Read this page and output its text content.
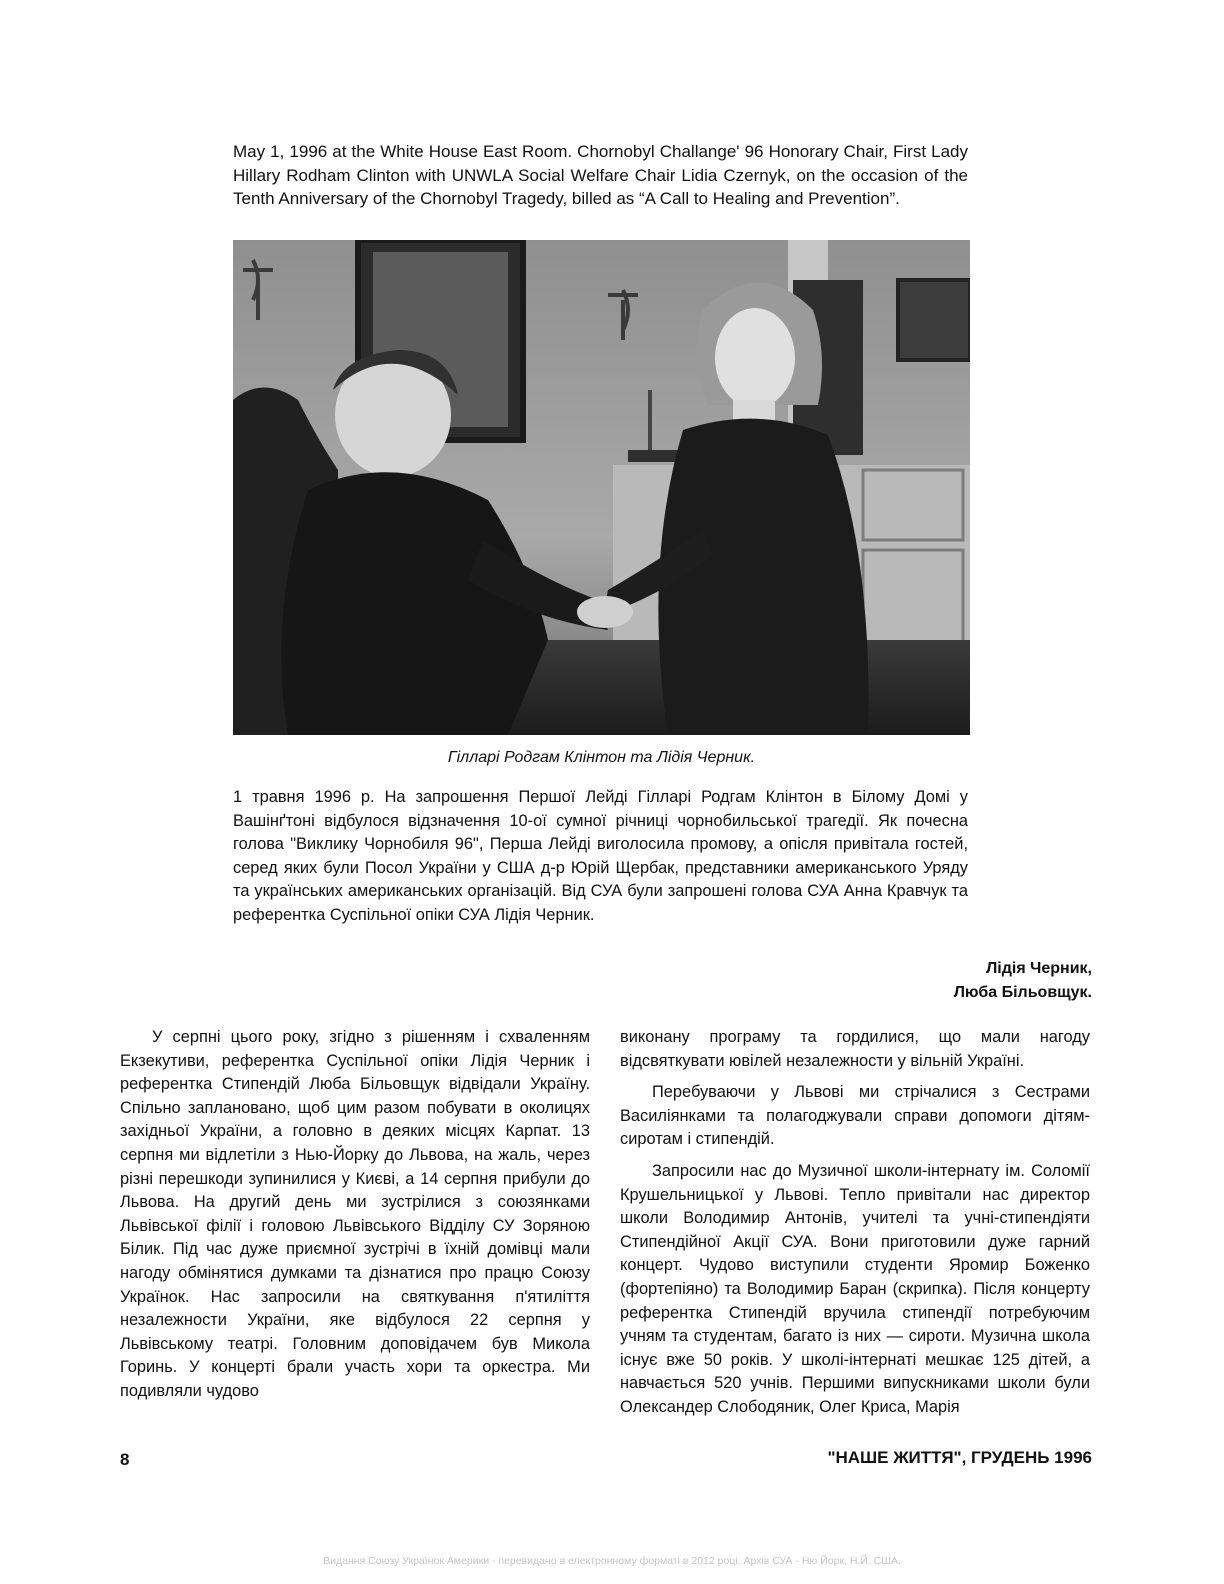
May 1, 1996 at the White House East Room. Chornobyl Challange' 96 Honorary Chair, First Lady Hillary Rodham Clinton with UNWLA Social Welfare Chair Lidia Czernyk, on the occasion of the Tenth Anniversary of the Chornobyl Tragedy, billed as “A Call to Healing and Prevention”.
Гіллapi Родгам Клінтон та Лідія Черник.
1 травня 1996 р. На запрошення Першої Лейді Гіллapi Родгам Клінтон в Білому Домі у Вашінґтоні відбулося відзначення 10-ої сумної річниці чорнобильської трагедії. Як почесна голова "Виклику Чорнобиля 96", Перша Лейді виголосила промову, а опісля привітала гостей, серед яких були Посол України у США д-р Юрій Щербак, представники американського Уряду та українських американських організацій. Від СУА були запрошені голова СУА Анна Кравчук та референтка Суспільної опіки СУА Лідія Черник.
Лідія Черник,
Люба Більовщук.

У серпні цього року, згідно з рішенням і схваленням Екзекутиви, референтка Суспільної опіки Лідія Черник і референтка Стипендій Люба Більовщук відвідали Україну. Спільно заплановано, щоб цим разом побувати в околицях західньої України, а головно в деяких місцях Карпат. 13 серпня ми відлетіли з Нью-Йорку до Львова, на жаль, через різні перешкоди зупинилися у Києві, а 14 серпня прибули до Львова. На другий день ми зустрілися з союзянками Львівської філії і головою Львівського Відділу СУ Зоряною Білик. Під час дуже приємної зустрічі в їхній домівці мали нагоду обмінятися думками та дізнатися про працю Союзу Українок. Нас запросили на святкування п'ятиліття незалежности України, яке відбулося 22 серпня у Львівському театрі. Головним доповідачем був Микола Горинь. У концерті брали участь хори та оркестра. Ми подивляли чудово

виконану програму та гордилися, що мали нагоду відсвяткувати ювілей незалежности у вільній Україні.

Перебуваючи у Львові ми стрічалися з Сестрами Василіянками та полагоджували справи допомоги дітям-сиротам і стипендій.

Запросили нас до Музичної школи-інтернату ім. Соломії Крушельницької у Львові. Тепло привітали нас директор школи Володимир Антонів, учителі та учні-стипендіяти Стипендійної Акції СУА. Вони приготовили дуже гарний концерт. Чудово виступили студенти Яромир Боженко (фортепіяно) та Володимир Баран (скрипка). Після концерту референтка Стипендій вручила стипендії потребуючим учням та студентам, багато із них — сироти. Музична школа існує вже 50 років. У школі-інтернаті мешкає 125 дітей, а навчається 520 учнів. Першими випускниками школи були Олександер Слободяник, Олег Криса, Марія

8	"НАШЕ ЖИТТЯ", ГРУДЕНЬ 1996
Видання Союзу Українок Америки - перевидано в електронному форматі в 2012 році. Архів СУА - Ню Йорк, Н.Й. США.
